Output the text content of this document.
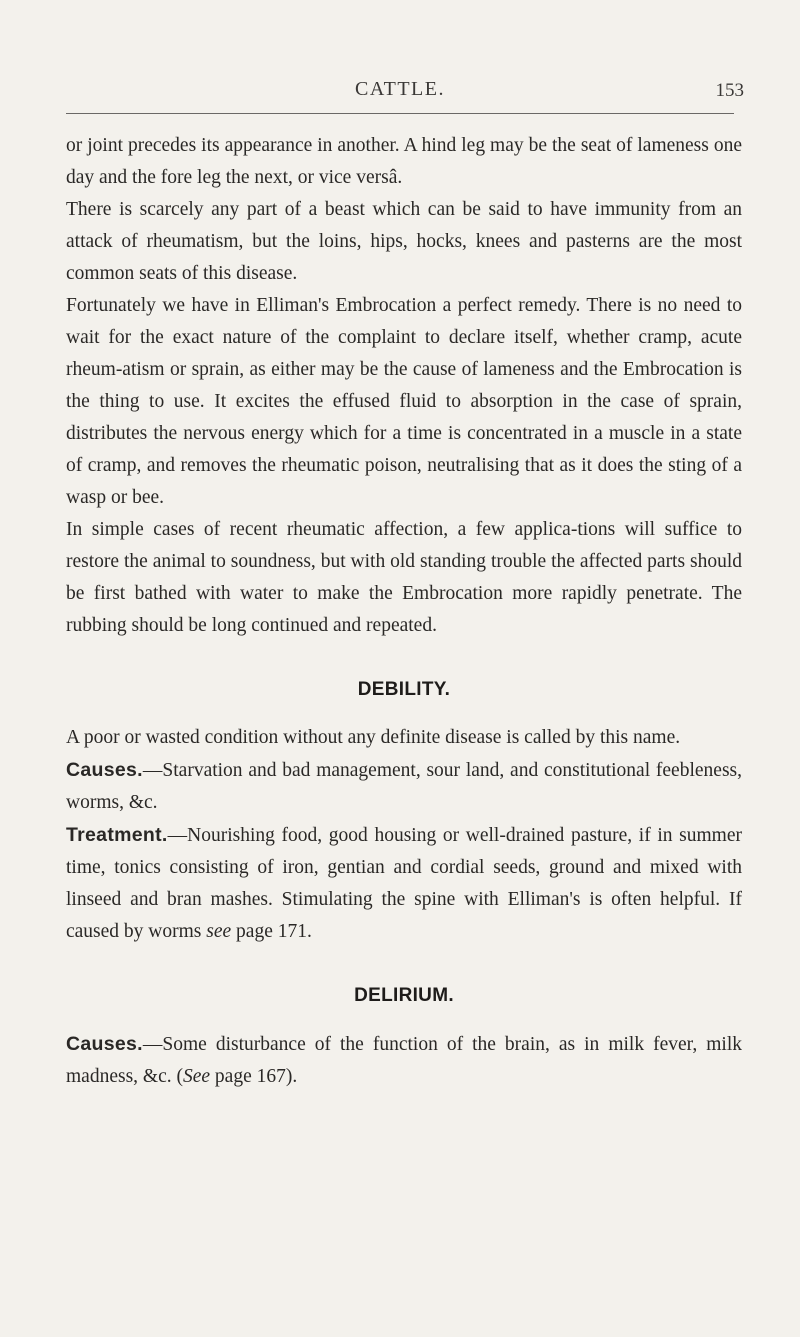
CATTLE.	153

or joint precedes its appearance in another. A hind leg may be the seat of lameness one day and the fore leg the next, or vice versâ.

There is scarcely any part of a beast which can be said to have immunity from an attack of rheumatism, but the loins, hips, hocks, knees and pasterns are the most common seats of this disease.

Fortunately we have in Elliman's Embrocation a perfect remedy. There is no need to wait for the exact nature of the complaint to declare itself, whether cramp, acute rheum-atism or sprain, as either may be the cause of lameness and the Embrocation is the thing to use. It excites the effused fluid to absorption in the case of sprain, distributes the nervous energy which for a time is concentrated in a muscle in a state of cramp, and removes the rheumatic poison, neutralising that as it does the sting of a wasp or bee.

In simple cases of recent rheumatic affection, a few applica-tions will suffice to restore the animal to soundness, but with old standing trouble the affected parts should be first bathed with water to make the Embrocation more rapidly penetrate. The rubbing should be long continued and repeated.

DEBILITY.

A poor or wasted condition without any definite disease is called by this name.

Causes.—Starvation and bad management, sour land, and constitutional feebleness, worms, &c.

Treatment.—Nourishing food, good housing or well-drained pasture, if in summer time, tonics consisting of iron, gentian and cordial seeds, ground and mixed with linseed and bran mashes. Stimulating the spine with Elliman's is often helpful. If caused by worms see page 171.

DELIRIUM.

Causes.—Some disturbance of the function of the brain, as in milk fever, milk madness, &c. (See page 167).
